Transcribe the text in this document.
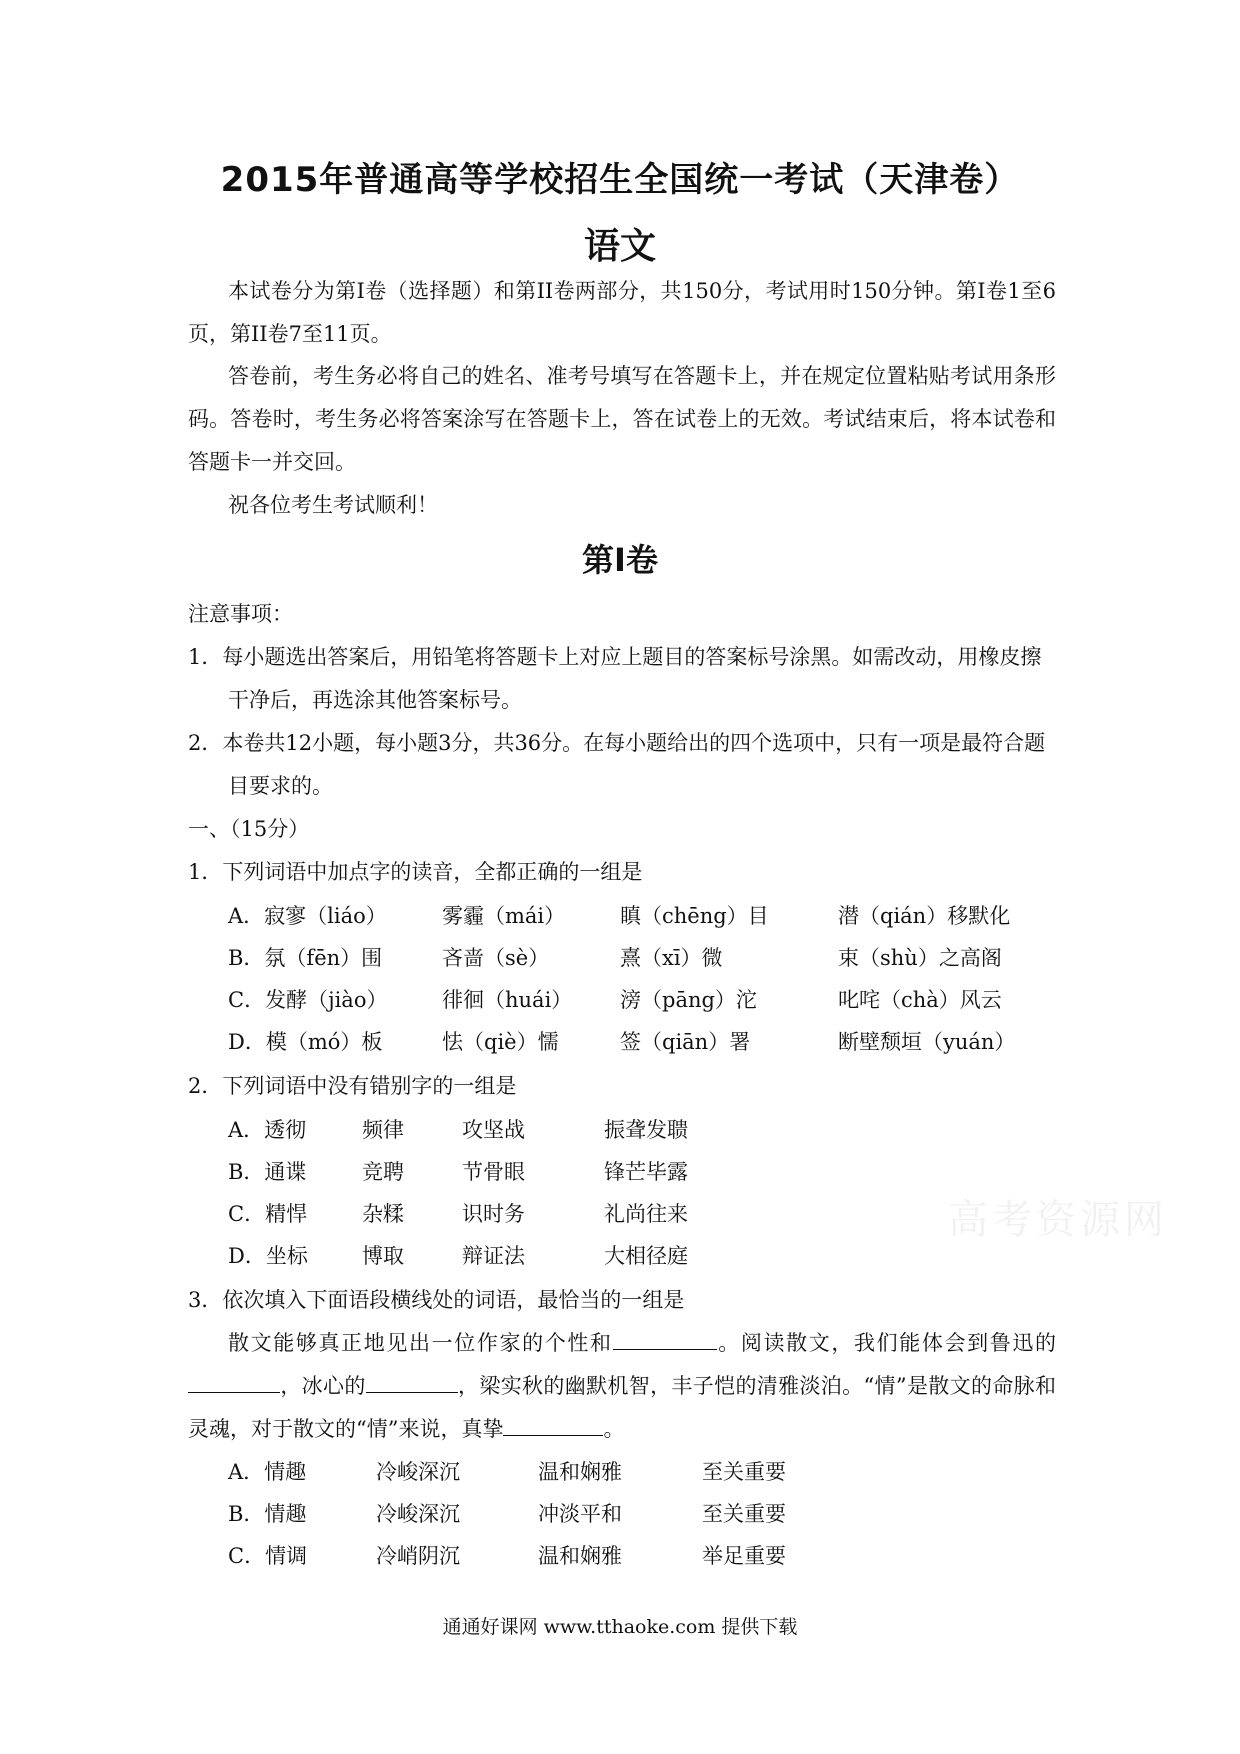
2015年普通高等学校招生全国统一考试（天津卷）
语文
本试卷分为第Ⅰ卷（选择题）和第II卷两部分，共150分，考试用时150分钟。第Ⅰ卷1至6页，第II卷7至11页。
答卷前，考生务必将自己的姓名、准考号填写在答题卡上，并在规定位置粘贴考试用条形码。答卷时，考生务必将答案涂写在答题卡上，答在试卷上的无效。考试结束后，将本试卷和答题卡一并交回。
祝各位考生考试顺利！
第Ⅰ卷
注意事项：
1．每小题选出答案后，用铅笔将答题卡上对应上题目的答案标号涂黑。如需改动，用橡皮擦干净后，再选涂其他答案标号。
2．本卷共12小题，每小题3分，共36分。在每小题给出的四个选项中，只有一项是最符合题目要求的。
一、（15分）
1．下列词语中加点字的读音，全都正确的一组是
A．寂寥（liáo）	雾霾（mái）	瞋（chēng）目	潜（qián）移默化
B．氛（fēn）围	吝啬（sè）	熹（xī）微	束（shù）之高阁
C．发酵（jiào）	徘徊（huái） 滂（pāng）沱	叱咤（chà）风云
D．模（mó）板	怯（qiè）懦	签（qiān）署	断壁颓垣（yuán）
2．下列词语中没有错别字的一组是
A．透彻	频律	攻坚战	振聋发聩
B．通谍	竞聘	节骨眼	锋芒毕露
C．精悍	杂糅	识时务	礼尚往来
D．坐标	博取	辩证法	大相径庭
3．依次填入下面语段横线处的词语，最恰当的一组是
散文能够真正地见出一位作家的个性和	。阅读散文，我们能体会到鲁迅的，冰心的	，梁实秋的幽默机智，丰子恺的清雅淡泊。“情”是散文的命脉和灵魂，对于散文的“情”来说，真挚	。
A．情趣	冷峻深沉	温和娴雅	至关重要
B．情趣	冷峻深沉	冲淡平和	至关重要
C．情调	冷峭阴沉	温和娴雅	举足重要
高考资源网
通通好课网 www.tthaoke.com 提供下载
